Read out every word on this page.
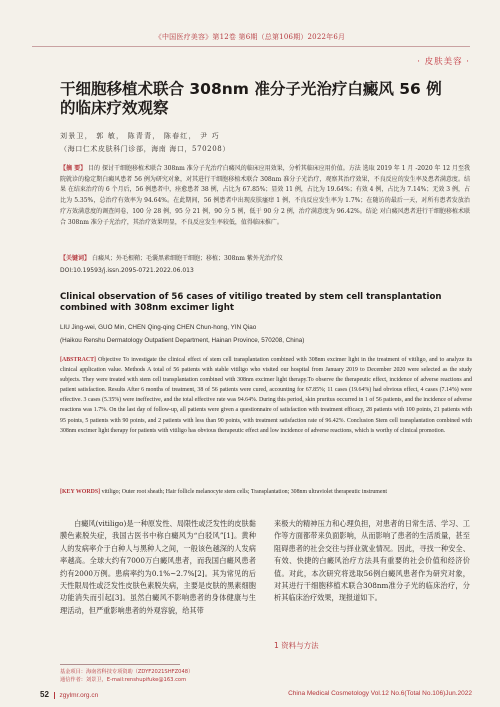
《中国医疗美容》第12卷 第6期（总第106期）2022年6月
· 皮肤美容 ·
干细胞移植术联合 308nm 准分子光治疗白癜风 56 例
的临床疗效观察
刘景卫， 郭 敏， 陈青青， 陈春红， 尹 巧
（海口仁术皮肤科门诊部，海南 海口，570208）
【摘 要】 目的 探讨干细胞移植术联合 308nm 准分子光治疗白癜风的临床应用效果，分析其临床应用价值。方法 选取 2019 年 1 月 -2020 年 12 月至我院就诊的稳定期白癜风患者 56 例为研究对象，对其进行干细胞移植术联合 308nm 准分子光治疗，观察其治疗效果，不良反应的发生率及患者满意度。结果 在结束治疗的 6 个月后，56 例患者中，痊愈患者 38 例，占比为 67.85%；显效 11 例，占比为 19.64%；有效 4 例，占比为 7.14%；无效 3 例，占比为 5.35%，总治疗有效率为 94.64%。在此期间，56 例患者中出现皮肤瘙痒 1 例，不良反应发生率为 1.7%；在随访的最后一天，对所有患者发放治疗方效满意度的调查问卷，100 分 28 例，95 分 21 例，90 分 5 例，低于 90 分 2 例，治疗满意度为 96.42%。结论 对白癜风患者进行干细胞移植术联合 308nm 准分子光治疗，其治疗效果明显，不良反应发生率较低，值得临床推广。
【关键词】 白癜风；外毛根鞘；毛囊黑素细胞干细胞；移植；308nm 紫外光治疗仪
DOI:10.19593/j.issn.2095-0721.2022.06.013
Clinical observation of 56 cases of vitiligo treated by stem cell transplantation
combined with 308nm excimer light
LIU Jing-wei, GUO Min, CHEN Qing-qing CHEN Chun-hong, YIN Qiao
(Haikou Renshu Dermatology Outpatient Department, Hainan Province, 570208, China)
[ABSTRACT] Objective To investigate the clinical effect of stem cell transplantation combined with 308nm excimer light in the treatment of vitiligo, and to analyze its clinical application value. Methods A total of 56 patients with stable vitiligo who visited our hospital from January 2019 to December 2020 were selected as the study subjects. They were treated with stem cell transplantation combined with 308nm excimer light therapy.To observe the therapeutic effect, incidence of adverse reactions and patient satisfaction. Results After 6 months of treatment, 38 of 56 patients were cured, accounting for 67.85%; 11 cases (19.64%) had obvious effect, 4 cases (7.14%) were effective. 3 cases (5.35%) were ineffective, and the total effective rate was 94.64%. During this period, skin pruritus occurred in 1 of 56 patients, and the incidence of adverse reactions was 1.7%. On the last day of follow-up, all patients were given a questionnaire of satisfaction with treatment efficacy, 28 patients with 100 points, 21 patients with 95 points, 5 patients with 90 points, and 2 patients with less than 90 points, with treatment satisfaction rate of 96.42%. Conclusion Stem cell transplantation combined with 308nm excimer light therapy for patients with vitiligo has obvious therapeutic effect and low incidence of adverse reactions, which is worthy of clinical promotion.
[KEY WORDS] vitiligo; Outer root sheath; Hair follicle melanocyte stem cells; Transplantation; 308nm ultraviolet therapeutic instrument

白癜风(vitiligo)是一种原发性、局限性或泛发性的皮肤黏膜色素脱失症，我国古医书中称白癜风为“白驳风”[1]。黄种人的发病率介于白种人与黑种人之间，一般该色越深的人发病率越高。全球大约有7000万白癜风患者，而我国白癜风患者约有2000万例。患病率约为0.1%~2.7%[2]。其为常见的后天性限局性或泛发性皮肤色素脱失病，主要是皮肤的黑素细胞功能消失而引起[3]。虽然白癜风不影响患者的身体健康与生理活动，但严重影响患者的外观容貌，给其带

来极大的精神压力和心理负担，对患者的日常生活、学习、工作等方面都带来负面影响，从而影响了患者的生活质量，甚至阻碍患者的社会交往与择业就业情况。因此，寻找一种安全、有效、快捷的白癜风治疗方法具有重要的社会价值和经济价值。对此，本次研究将选取56例白癜风患者作为研究对象，对其进行干细胞移植术联合308nm准分子光的临床治疗，分析其临床治疗效果，现报道如下。

1 资料与方法
基金项目：海南省科技专项资助（ZDYF2021SHFZ048）
通信作者：刘景卫，E-mail:renshupifuke@163.com
52 zgylmr.org.cn	China Medical Cosmetology Vol.12 No.6(Total No.106)Jun.2022
